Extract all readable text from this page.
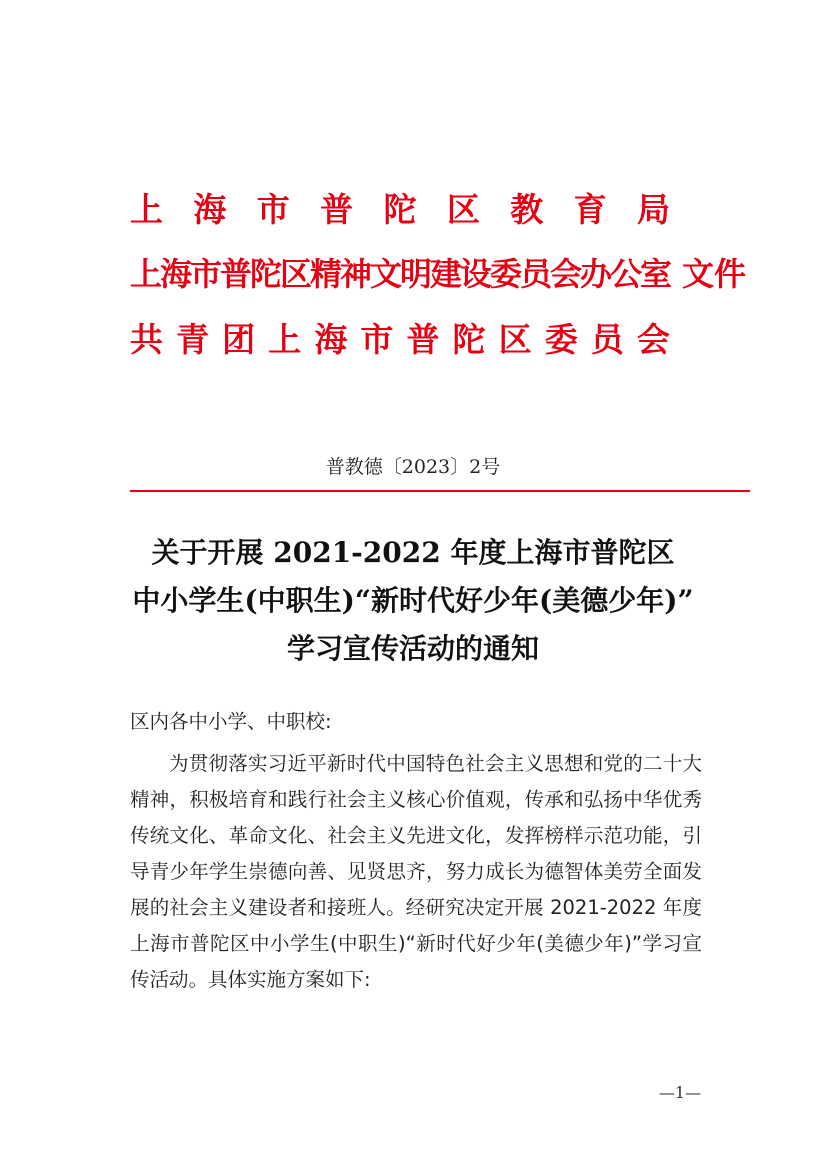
上 海 市 普 陀 区 教 育 局
上海市普陀区精神文明建设委员会办公室 文件
共 青 团 上 海 市 普 陀 区 委 员 会
普教德〔2023〕2号
关于开展 2021-2022 年度上海市普陀区
中小学生(中职生)“新时代好少年(美德少年)”
学习宣传活动的通知
区内各中小学、中职校:
为贯彻落实习近平新时代中国特色社会主义思想和党的二十大精神，积极培育和践行社会主义核心价值观，传承和弘扬中华优秀传统文化、革命文化、社会主义先进文化，发挥榜样示范功能，引导青少年学生崇德向善、见贤思齐，努力成长为德智体美劳全面发展的社会主义建设者和接班人。经研究决定开展 2021-2022 年度上海市普陀区中小学生(中职生)“新时代好少年(美德少年)”学习宣传活动。具体实施方案如下:
—1—
